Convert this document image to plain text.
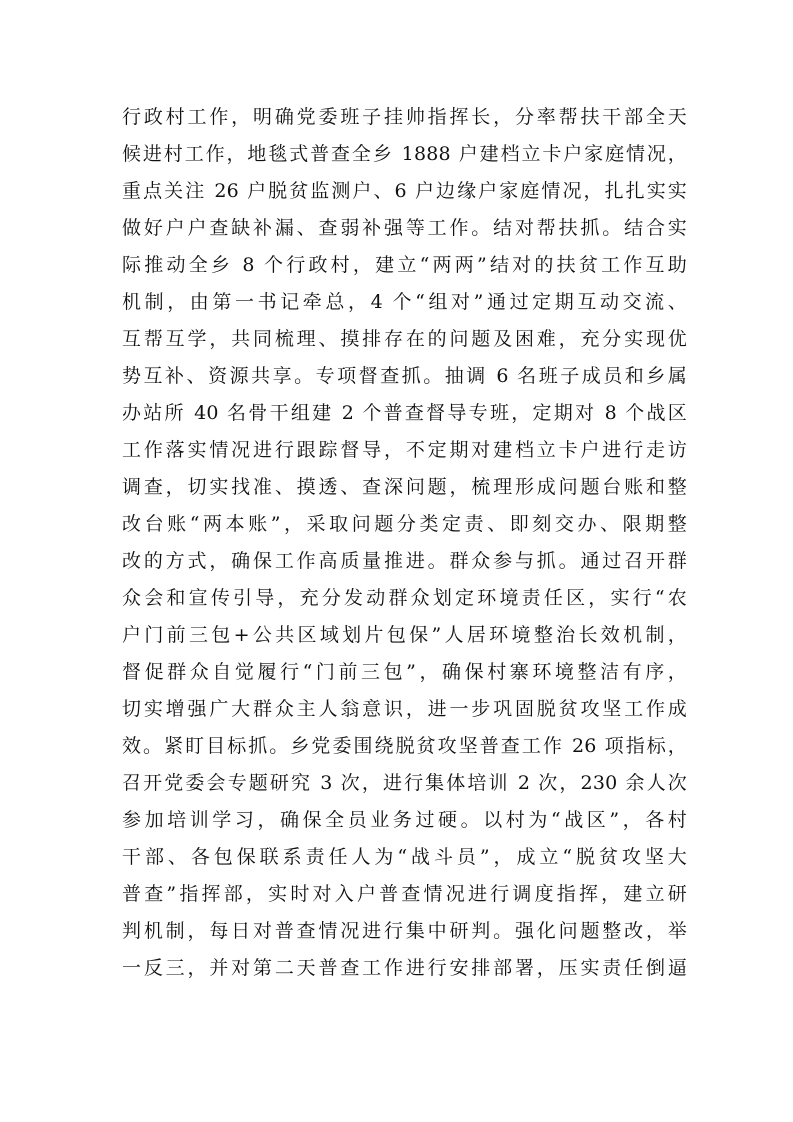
行政村工作，明确党委班子挂帅指挥长，分率帮扶干部全天
候进村工作，地毯式普查全乡 1888 户建档立卡户家庭情况，
重点关注 26 户脱贫监测户、6 户边缘户家庭情况，扎扎实实
做好户户查缺补漏、查弱补强等工作。结对帮扶抓。结合实
际推动全乡 8 个行政村，建立“两两”结对的扶贫工作互助
机制，由第一书记牵总，4 个“组对”通过定期互动交流、
互帮互学，共同梳理、摸排存在的问题及困难，充分实现优
势互补、资源共享。专项督查抓。抽调 6 名班子成员和乡属
办站所 40 名骨干组建 2 个普查督导专班，定期对 8 个战区
工作落实情况进行跟踪督导，不定期对建档立卡户进行走访
调查，切实找准、摸透、查深问题，梳理形成问题台账和整
改台账“两本账”，采取问题分类定责、即刻交办、限期整
改的方式，确保工作高质量推进。群众参与抓。通过召开群
众会和宣传引导，充分发动群众划定环境责任区，实行“农
户门前三包+公共区域划片包保”人居环境整治长效机制，
督促群众自觉履行“门前三包”，确保村寨环境整洁有序，
切实增强广大群众主人翁意识，进一步巩固脱贫攻坚工作成
效。紧盯目标抓。乡党委围绕脱贫攻坚普查工作 26 项指标，
召开党委会专题研究 3 次，进行集体培训 2 次，230 余人次
参加培训学习，确保全员业务过硬。以村为“战区”，各村
干部、各包保联系责任人为“战斗员”，成立“脱贫攻坚大
普查”指挥部，实时对入户普查情况进行调度指挥，建立研
判机制，每日对普查情况进行集中研判。强化问题整改，举
一反三，并对第二天普查工作进行安排部署，压实责任倒逼
